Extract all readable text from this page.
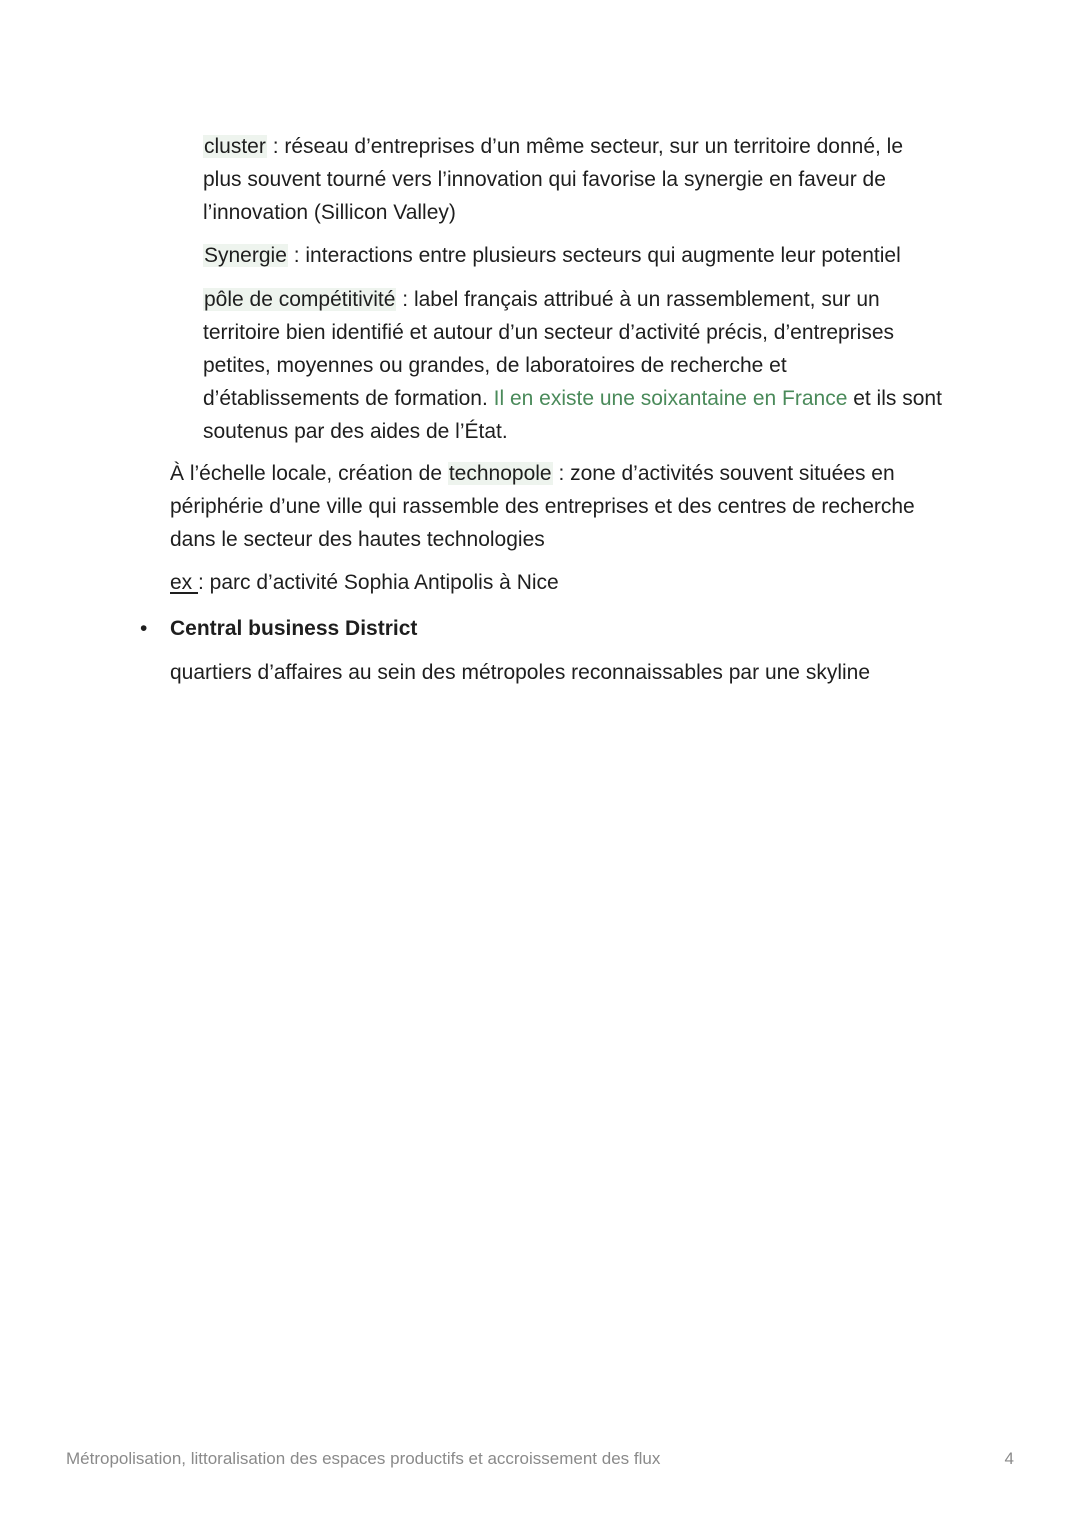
cluster : réseau d’entreprises d’un même secteur, sur un territoire donné, le plus souvent tourné vers l’innovation qui favorise la synergie en faveur de l’innovation (Sillicon Valley)

Synergie : interactions entre plusieurs secteurs qui augmente leur potentiel

pôle de compétitivité : label français attribué à un rassemblement, sur un territoire bien identifié et autour d’un secteur d’activité précis, d’entreprises petites, moyennes ou grandes, de laboratoires de recherche et d’établissements de formation. Il en existe une soixantaine en France et ils sont soutenus par des aides de l’État.

À l’échelle locale, création de technopole : zone d’activités souvent situées en périphérie d’une ville qui rassemble des entreprises et des centres de recherche dans le secteur des hautes technologies

ex : parc d’activité Sophia Antipolis à Nice

•	Central business District

quartiers d’affaires au sein des métropoles reconnaissables par une skyline

Métropolisation, littoralisation des espaces productifs et accroissement des flux	4
